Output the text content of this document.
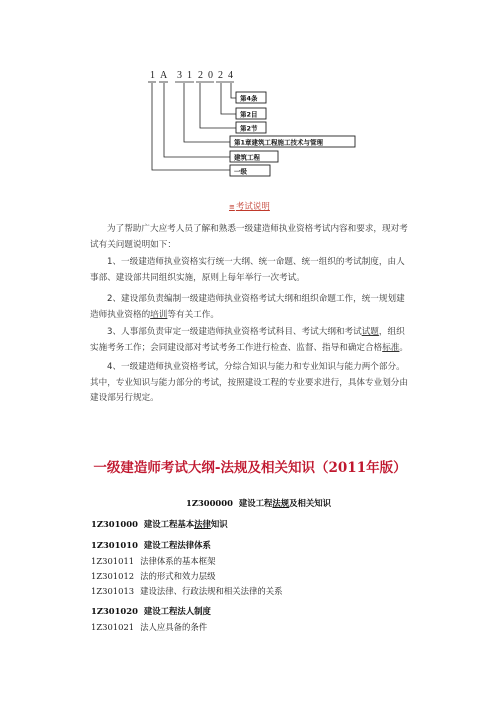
1 A 3 1 2 0 2 4
第4条
第2目
第2节
第1章建筑工程施工技术与管理
建筑工程
一级
≅考试说明

为了帮助广大应考人员了解和熟悉一级建造师执业资格考试内容和要求，现对考试有关问题说明如下：

1、一级建造师执业资格实行统一大纲、统一命题、统一组织的考试制度，由人事部、建设部共同组织实施，原则上每年举行一次考试。

2、建设部负责编制一级建造师执业资格考试大纲和组织命题工作，统一规划建造师执业资格的培训等有关工作。

3、人事部负责审定一级建造师执业资格考试科目、考试大纲和考试试题，组织实施考务工作；会同建设部对考试考务工作进行检查、监督、指导和确定合格标准。

4、一级建造师执业资格考试，分综合知识与能力和专业知识与能力两个部分。其中，专业知识与能力部分的考试，按照建设工程的专业要求进行，具体专业划分由建设部另行规定。

一级建造师考试大纲-法规及相关知识（2011年版）
1Z300000 建设工程法规及相关知识
1Z301000 建设工程基本法律知识
1Z301010 建设工程法律体系
1Z301011 法律体系的基本框架
1Z301012 法的形式和效力层级
1Z301013 建设法律、行政法规和相关法律的关系
1Z301020 建设工程法人制度
1Z301021 法人应具备的条件
